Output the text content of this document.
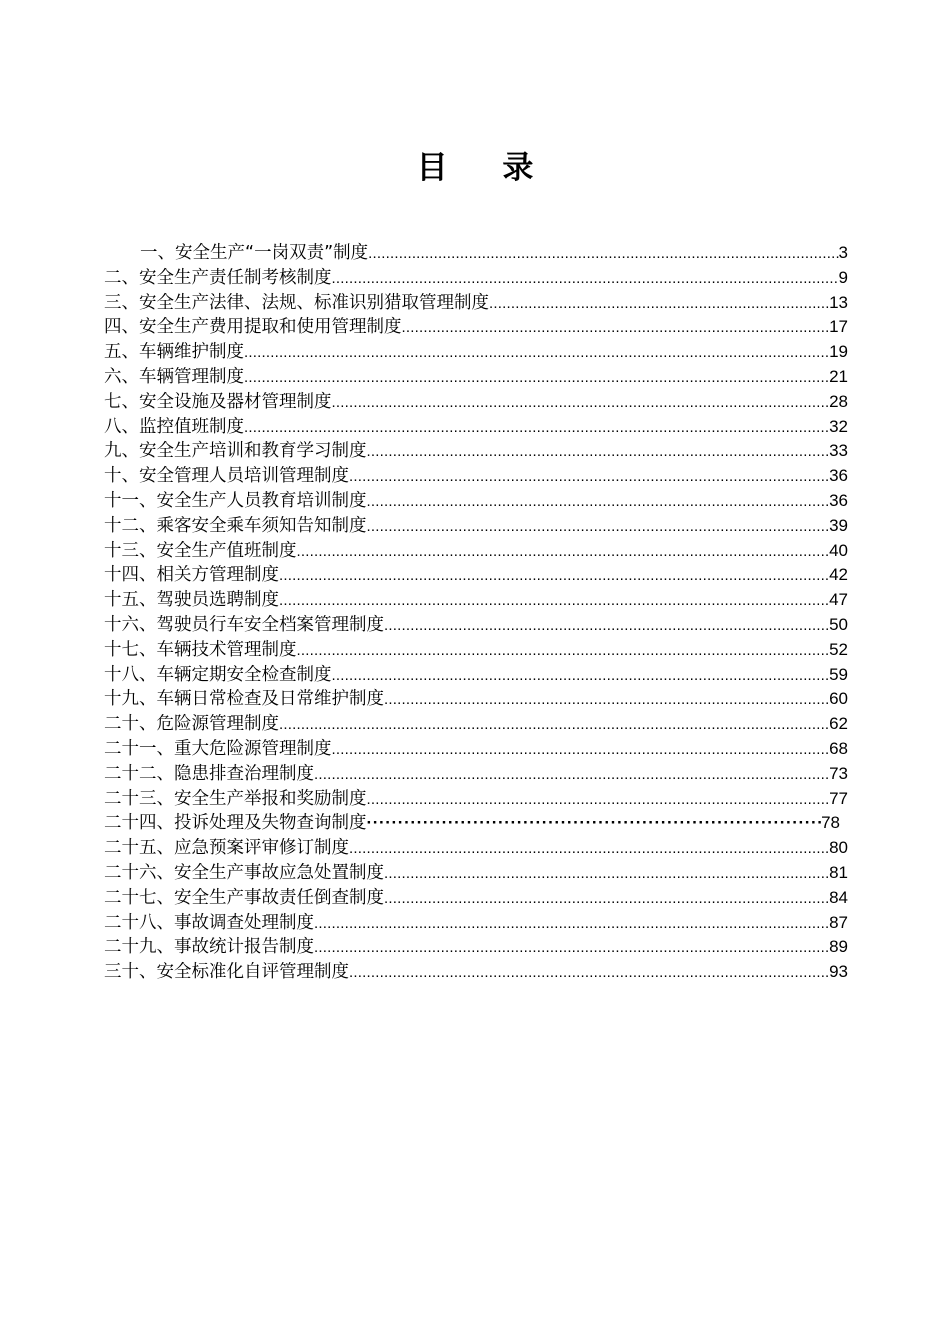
目 录
一、安全生产“一岗双责”制度 .....	3
二、安全生产责任制考核制度 .....	9
三、安全生产法律、法规、标准识别猎取管理制度 .....	13
四、安全生产费用提取和使用管理制度 .....	17
五、车辆维护制度 .....	19
六、车辆管理制度 .....	21
七、安全设施及器材管理制度 .....	28
八、监控值班制度 .....	32
九、安全生产培训和教育学习制度 .....	33
十、安全管理人员培训管理制度 .....	36
十一、安全生产人员教育培训制度 .....	36
十二、乘客安全乘车须知告知制度 .....	39
十三、安全生产值班制度 .....	40
十四、相关方管理制度 .....	42
十五、驾驶员选聘制度 .....	47
十六、驾驶员行车安全档案管理制度 .....	50
十七、车辆技术管理制度 .....	52
十八、车辆定期安全检查制度 .....	59
十九、车辆日常检查及日常维护制度 .....	60
二十、危险源管理制度 .....	62
二十一、重大危险源管理制度 .....	68
二十二、隐患排查治理制度 .....	73
二十三、安全生产举报和奖励制度 .....	77
二十四、投诉处理及失物查询制度 ·····	78
二十五、应急预案评审修订制度 .....	80
二十六、安全生产事故应急处置制度 .....	81
二十七、安全生产事故责任倒查制度 .....	84
二十八、事故调查处理制度 .....	87
二十九、事故统计报告制度 .....	89
三十、安全标准化自评管理制度 .....	93
